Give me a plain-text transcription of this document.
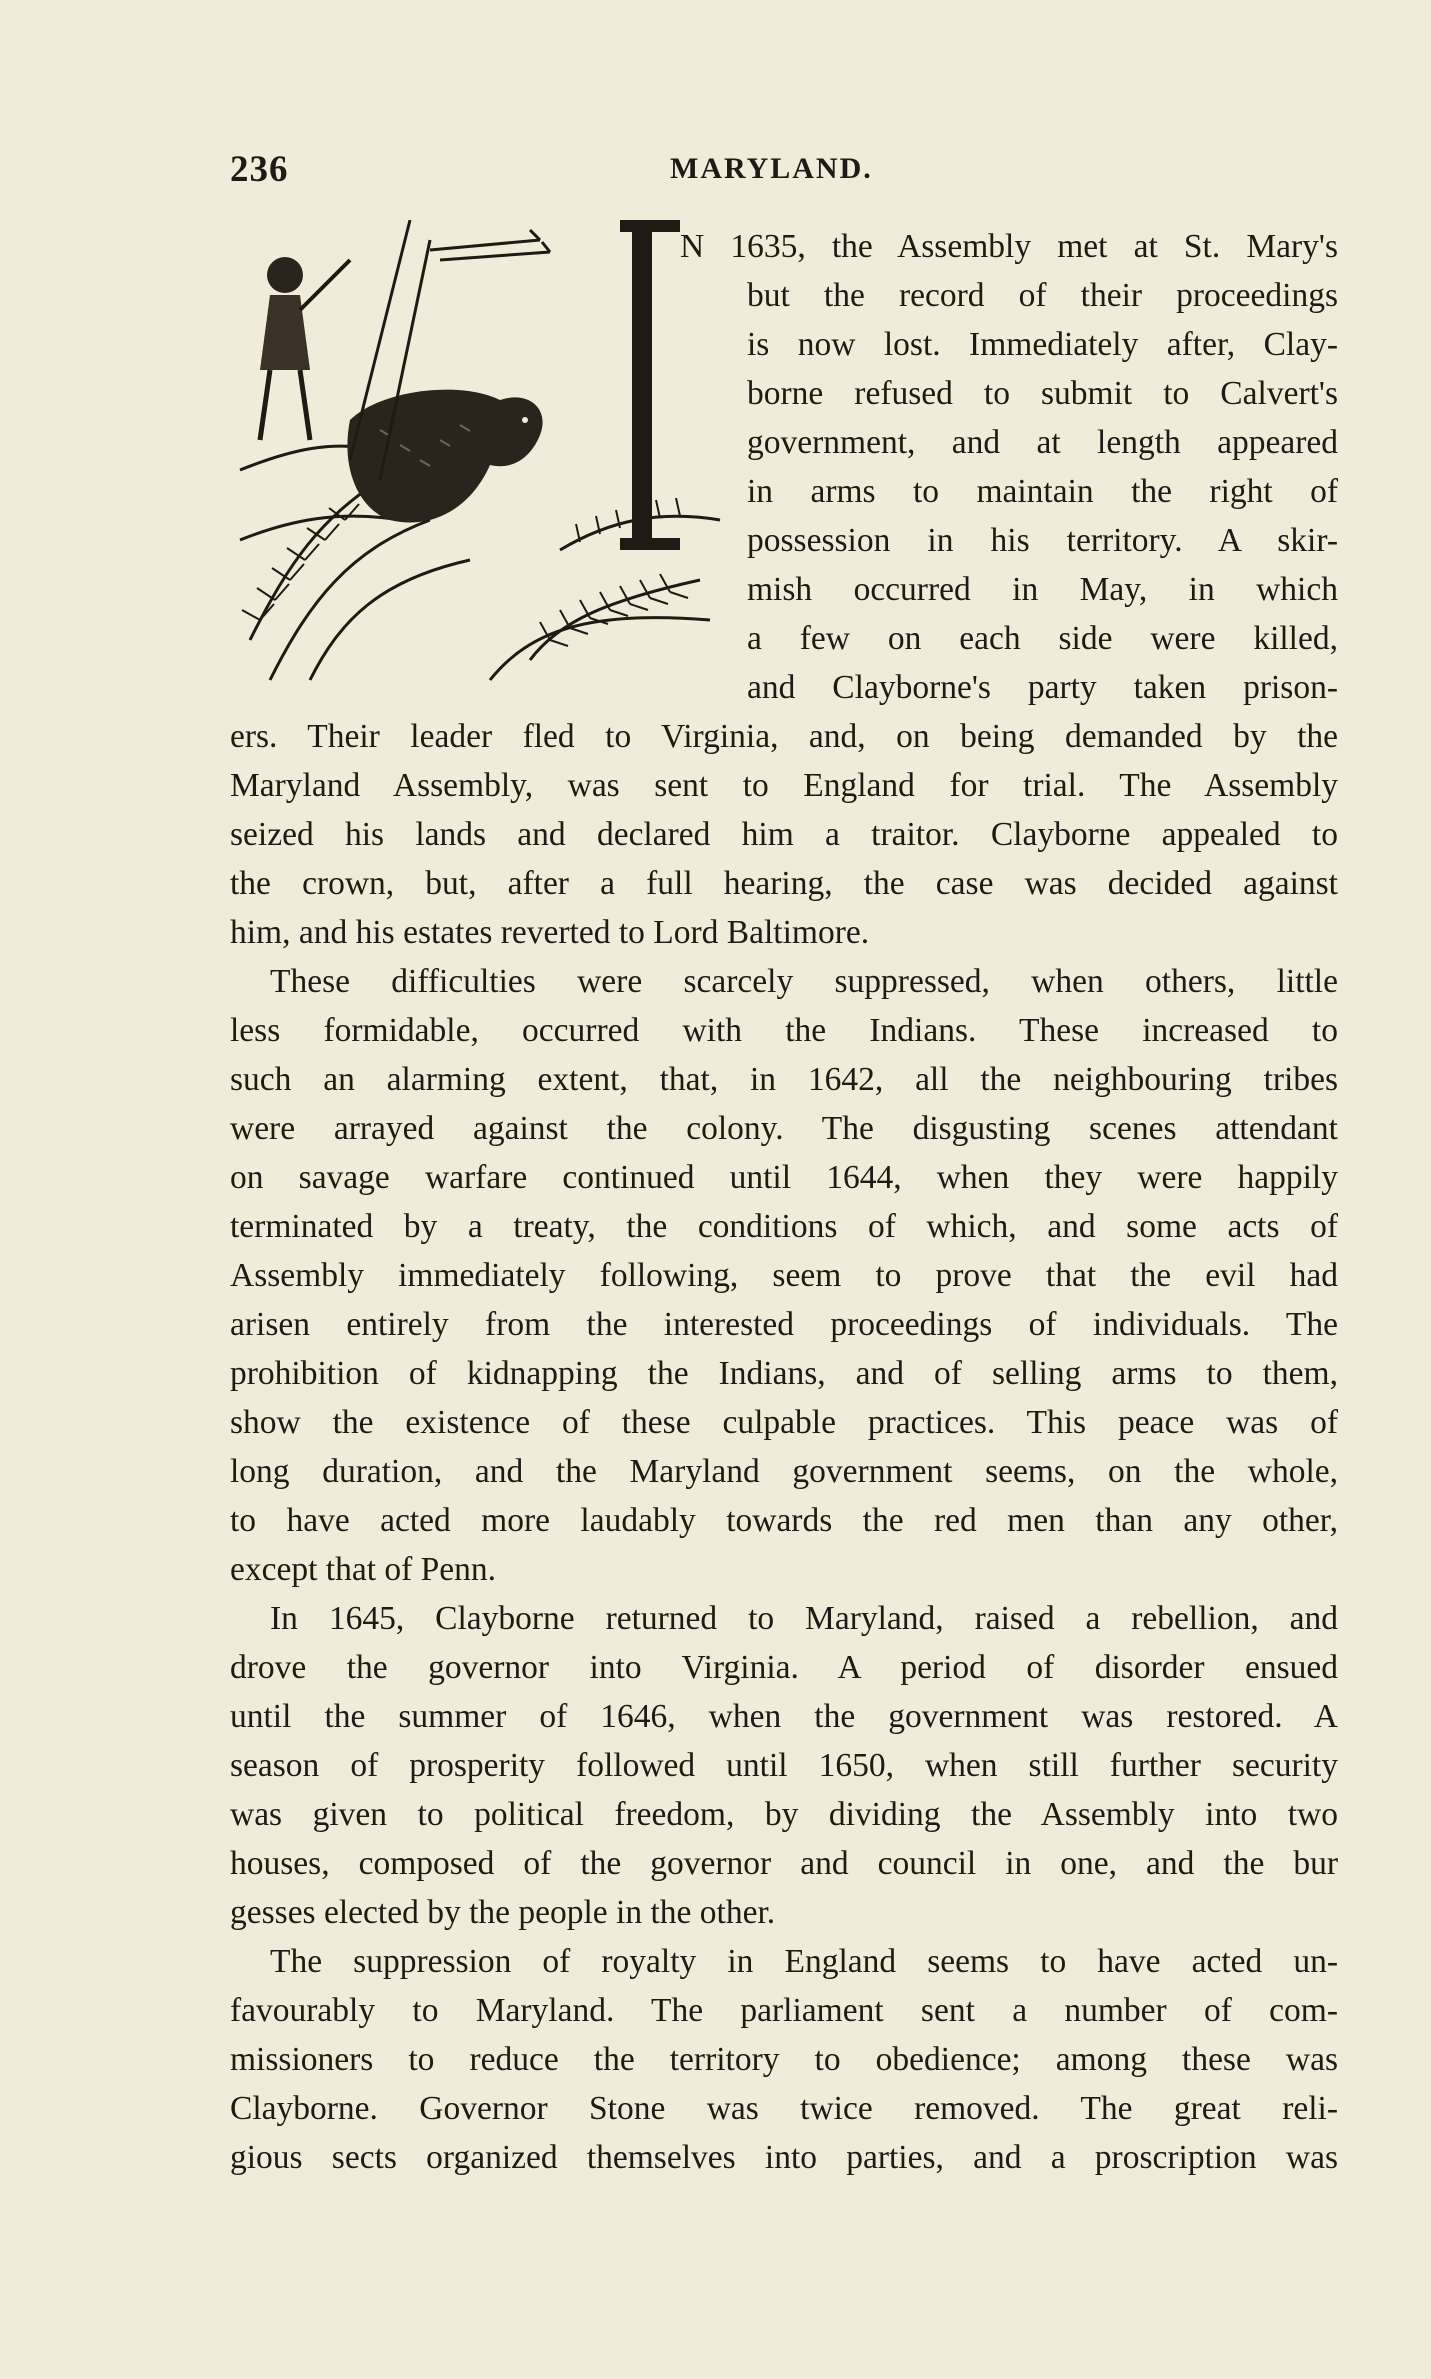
236	MARYLAND.
N 1635, the Assembly met at St. Mary's
but the record of their proceedings
is now lost. Immediately after, Clay-
borne refused to submit to Calvert's
government, and at length appeared
in arms to maintain the right of
possession in his territory. A skir-
mish occurred in May, in which
a few on each side were killed,
and Clayborne's party taken prison-
ers. Their leader fled to Virginia, and, on being demanded by the
Maryland Assembly, was sent to England for trial. The Assembly
seized his lands and declared him a traitor. Clayborne appealed to
the crown, but, after a full hearing, the case was decided against
him, and his estates reverted to Lord Baltimore.
These difficulties were scarcely suppressed, when others, little
less formidable, occurred with the Indians. These increased to
such an alarming extent, that, in 1642, all the neighbouring tribes
were arrayed against the colony. The disgusting scenes attendant
on savage warfare continued until 1644, when they were happily
terminated by a treaty, the conditions of which, and some acts of
Assembly immediately following, seem to prove that the evil had
arisen entirely from the interested proceedings of individuals. The
prohibition of kidnapping the Indians, and of selling arms to them,
show the existence of these culpable practices. This peace was of
long duration, and the Maryland government seems, on the whole,
to have acted more laudably towards the red men than any other,
except that of Penn.
In 1645, Clayborne returned to Maryland, raised a rebellion, and
drove the governor into Virginia. A period of disorder ensued
until the summer of 1646, when the government was restored. A
season of prosperity followed until 1650, when still further security
was given to political freedom, by dividing the Assembly into two
houses, composed of the governor and council in one, and the bur
gesses elected by the people in the other.
The suppression of royalty in England seems to have acted un-
favourably to Maryland. The parliament sent a number of com-
missioners to reduce the territory to obedience; among these was
Clayborne. Governor Stone was twice removed. The great reli-
gious sects organized themselves into parties, and a proscription was
